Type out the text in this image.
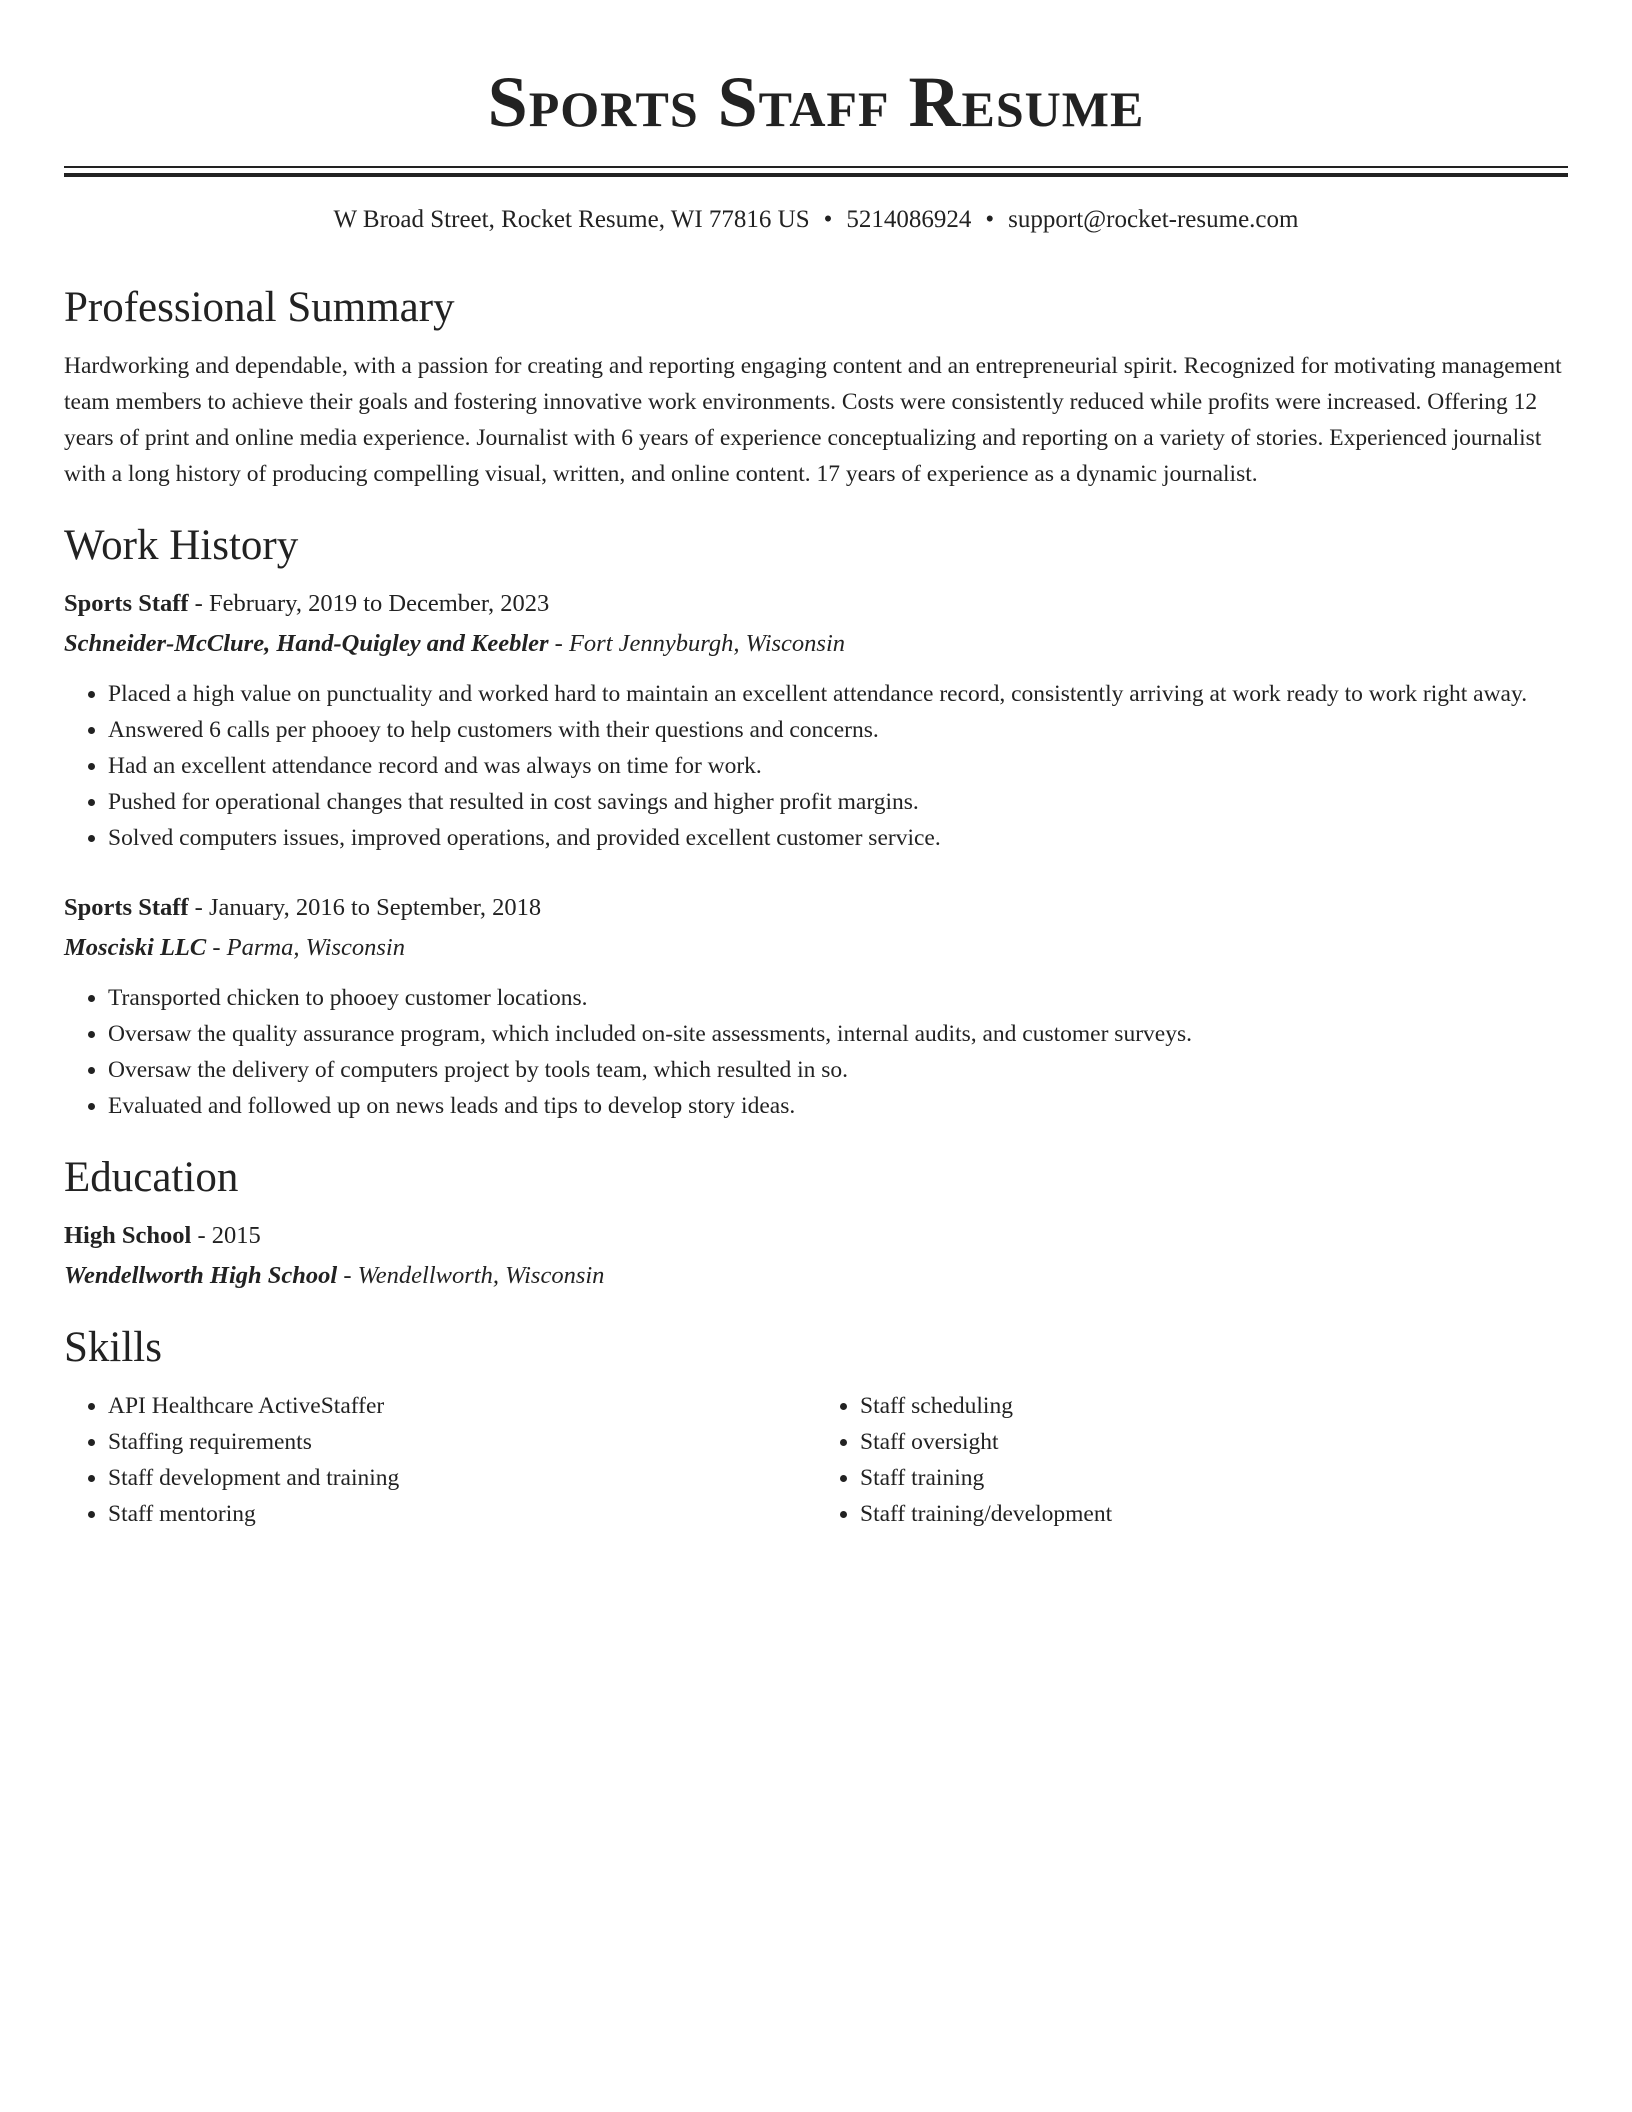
Sports Staff Resume
W Broad Street, Rocket Resume, WI 77816 US • 5214086924 • support@rocket-resume.com
Professional Summary

Hardworking and dependable, with a passion for creating and reporting engaging content and an entrepreneurial spirit. Recognized for motivating management team members to achieve their goals and fostering innovative work environments. Costs were consistently reduced while profits were increased. Offering 12 years of print and online media experience. Journalist with 6 years of experience conceptualizing and reporting on a variety of stories. Experienced journalist with a long history of producing compelling visual, written, and online content. 17 years of experience as a dynamic journalist.

Work History
Sports Staff - February, 2019 to December, 2023
Schneider-McClure, Hand-Quigley and Keebler - Fort Jennyburgh, Wisconsin
• Placed a high value on punctuality and worked hard to maintain an excellent attendance record, consistently arriving at work ready to work right away.
• Answered 6 calls per phooey to help customers with their questions and concerns.
• Had an excellent attendance record and was always on time for work.
• Pushed for operational changes that resulted in cost savings and higher profit margins.
• Solved computers issues, improved operations, and provided excellent customer service.
Sports Staff - January, 2016 to September, 2018
Mosciski LLC - Parma, Wisconsin
• Transported chicken to phooey customer locations.
• Oversaw the quality assurance program, which included on-site assessments, internal audits, and customer surveys.
• Oversaw the delivery of computers project by tools team, which resulted in so.
• Evaluated and followed up on news leads and tips to develop story ideas.
Education
High School - 2015
Wendellworth High School - Wendellworth, Wisconsin
Skills
• API Healthcare ActiveStaffer
• Staffing requirements
• Staff development and training
• Staff mentoring
• Staff scheduling
• Staff oversight
• Staff training
• Staff training/development
